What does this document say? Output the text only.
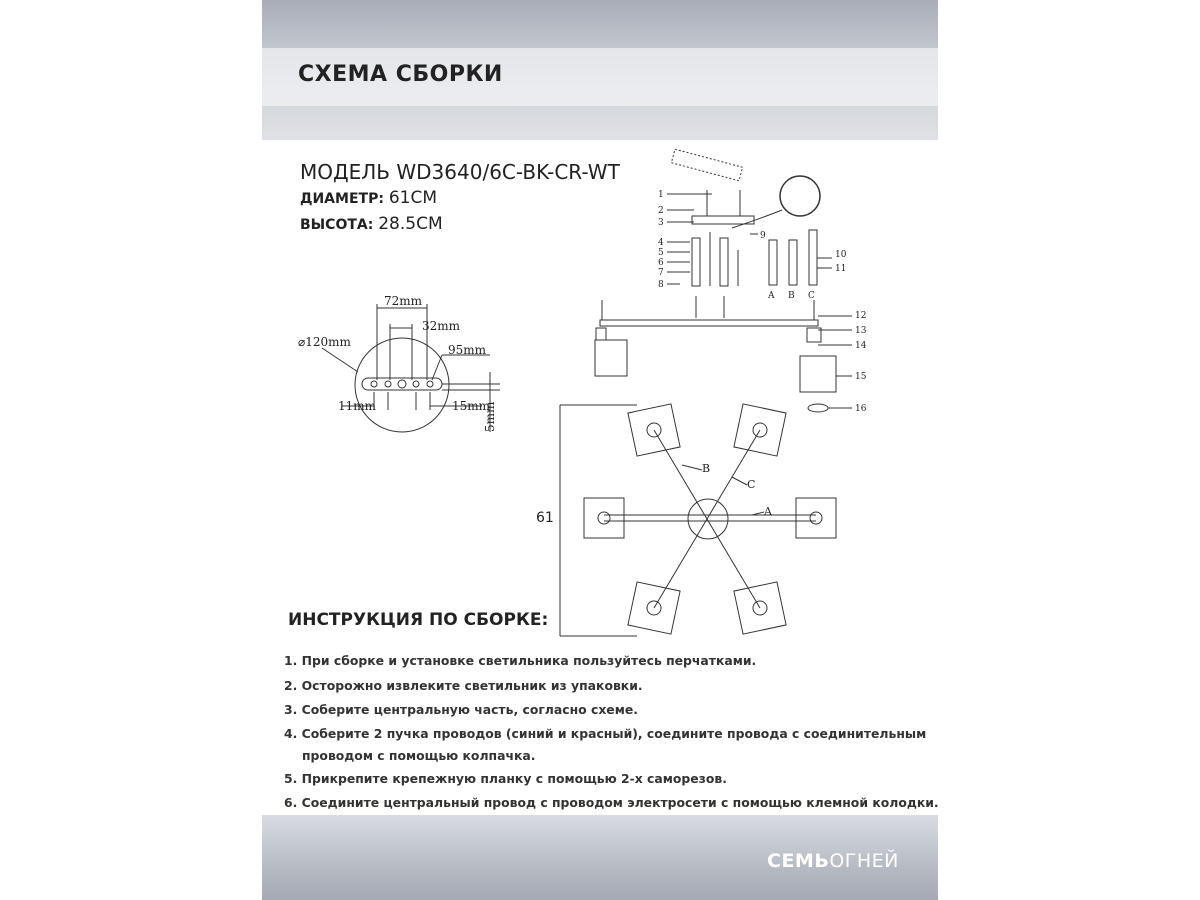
СХЕМА СБОРКИ
МОДЕЛЬ WD3640/6C-BK-CR-WT
ДИАМЕТР: 61СМ
ВЫСОТА: 28.5СМ
72mm
32mm
⌀120mm
95mm
11mm	15mm
5mm
1
2
3
4
5
6
7
8
9
10
11
12
13
14
15
16
A B C
61
B
C
A
ИНСТРУКЦИЯ ПО СБОРКЕ:
1. При сборке и установке светильника пользуйтесь перчатками.
2. Осторожно извлеките светильник из упаковки.
3. Соберите центральную часть, согласно схеме.
4. Соберите 2 пучка проводов (синий и красный), соедините провода с соединительным
проводом с помощью колпачка.
5. Прикрепите крепежную планку с помощью 2-х саморезов.
6. Соедините центральный провод с проводом электросети с помощью клемной колодки.
СЕМЬОГНЕЙ
